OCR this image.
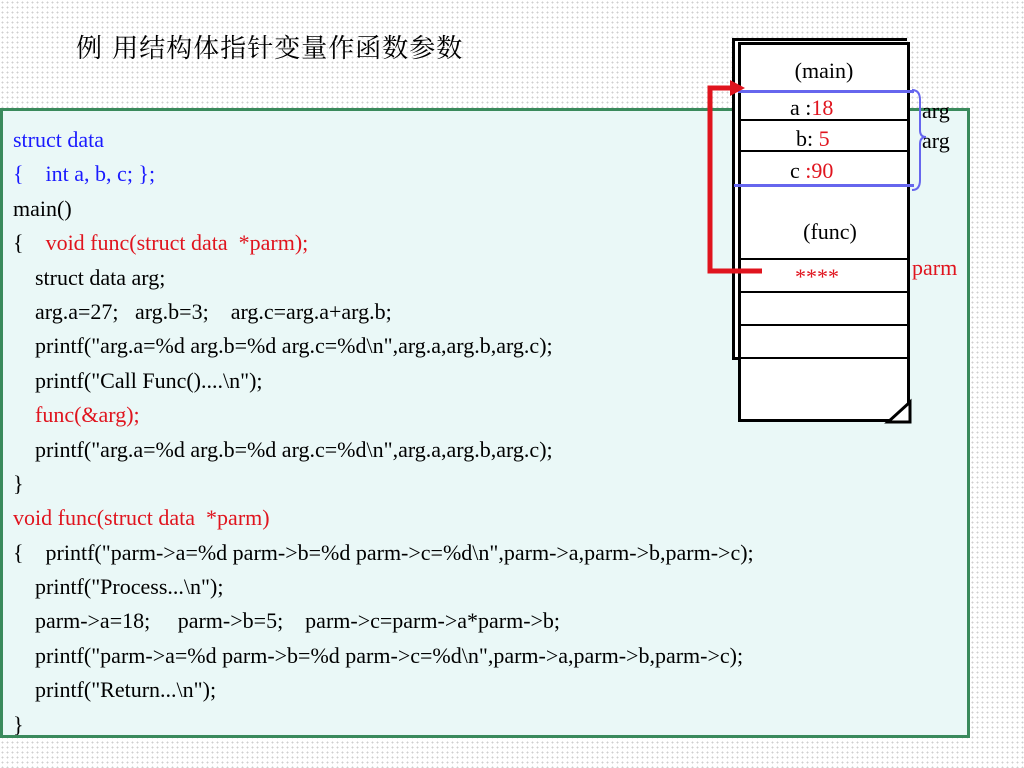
例 用结构体指针变量作函数参数
struct data
{    int a, b, c; };
main()
{    void func(struct data  *parm);
struct data arg;
arg.a=27;   arg.b=3;    arg.c=arg.a+arg.b;
printf("arg.a=%d arg.b=%d arg.c=%d\n",arg.a,arg.b,arg.c);
printf("Call Func()....\n");
func(&arg);
printf("arg.a=%d arg.b=%d arg.c=%d\n",arg.a,arg.b,arg.c);
}
void func(struct data  *parm)
{    printf("parm->a=%d parm->b=%d parm->c=%d\n",parm->a,parm->b,parm->c);
printf("Process...\n");
parm->a=18;     parm->b=5;    parm->c=parm->a*parm->b;
printf("parm->a=%d parm->b=%d parm->c=%d\n",parm->a,parm->b,parm->c);
printf("Return...\n");
}
(main)
a :18
b: 5
c :90
(func)
****
arg
arg
parm
